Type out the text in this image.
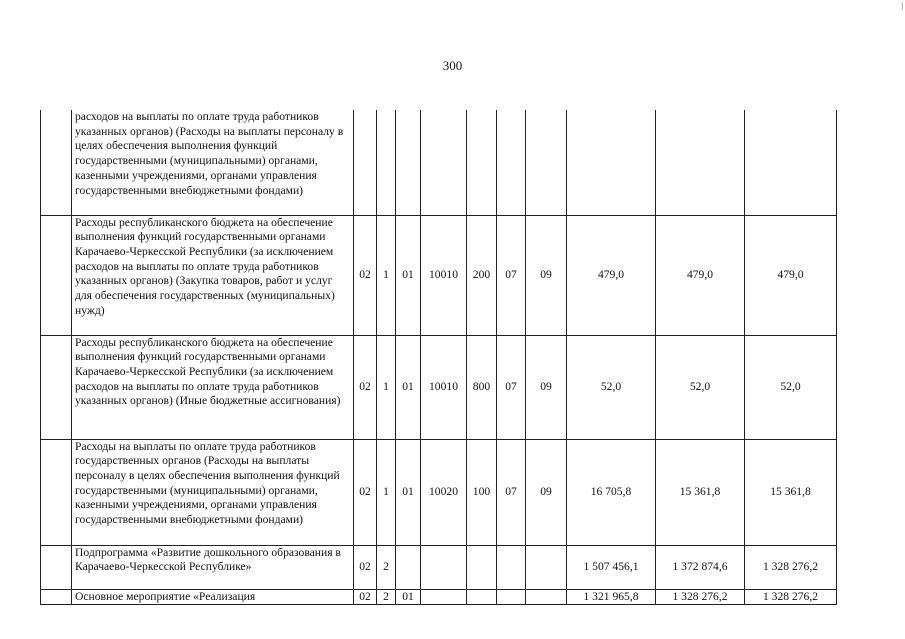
|
300
	расходов на выплаты по оплате труда работников указанных органов) (Расходы на выплаты персоналу в целях обеспечения выполнения функций государственными (муниципальными) органами, казенными учреждениями, органами управления государственными внебюджетными фондами)										
	Расходы республиканского бюджета на обеспечение выполнения функций государственными органами Карачаево-Черкесской Республики (за исключением расходов на выплаты по оплате труда работников указанных органов) (Закупка товаров, работ и услуг для обеспечения государственных (муниципальных) нужд)	02	1	01	10010	200	07	09	479,0	479,0	479,0
	Расходы республиканского бюджета на обеспечение выполнения функций государственными органами Карачаево-Черкесской Республики (за исключением расходов на выплаты по оплате труда работников указанных органов) (Иные бюджетные ассигнования)	02	1	01	10010	800	07	09	52,0	52,0	52,0
	Расходы на выплаты по оплате труда работников государственных органов (Расходы на выплаты персоналу в целях обеспечения выполнения функций государственными (муниципальными) органами, казенными учреждениями, органами управления государственными внебюджетными фондами)	02	1	01	10020	100	07	09	16 705,8	15 361,8	15 361,8
	Подпрограмма «Развитие дошкольного образования в Карачаево-Черкесской Республике»	02	2						1 507 456,1	1 372 874,6	1 328 276,2
	Основное мероприятие «Реализация	02	2	01					1 321 965,8	1 328 276,2	1 328 276,2
